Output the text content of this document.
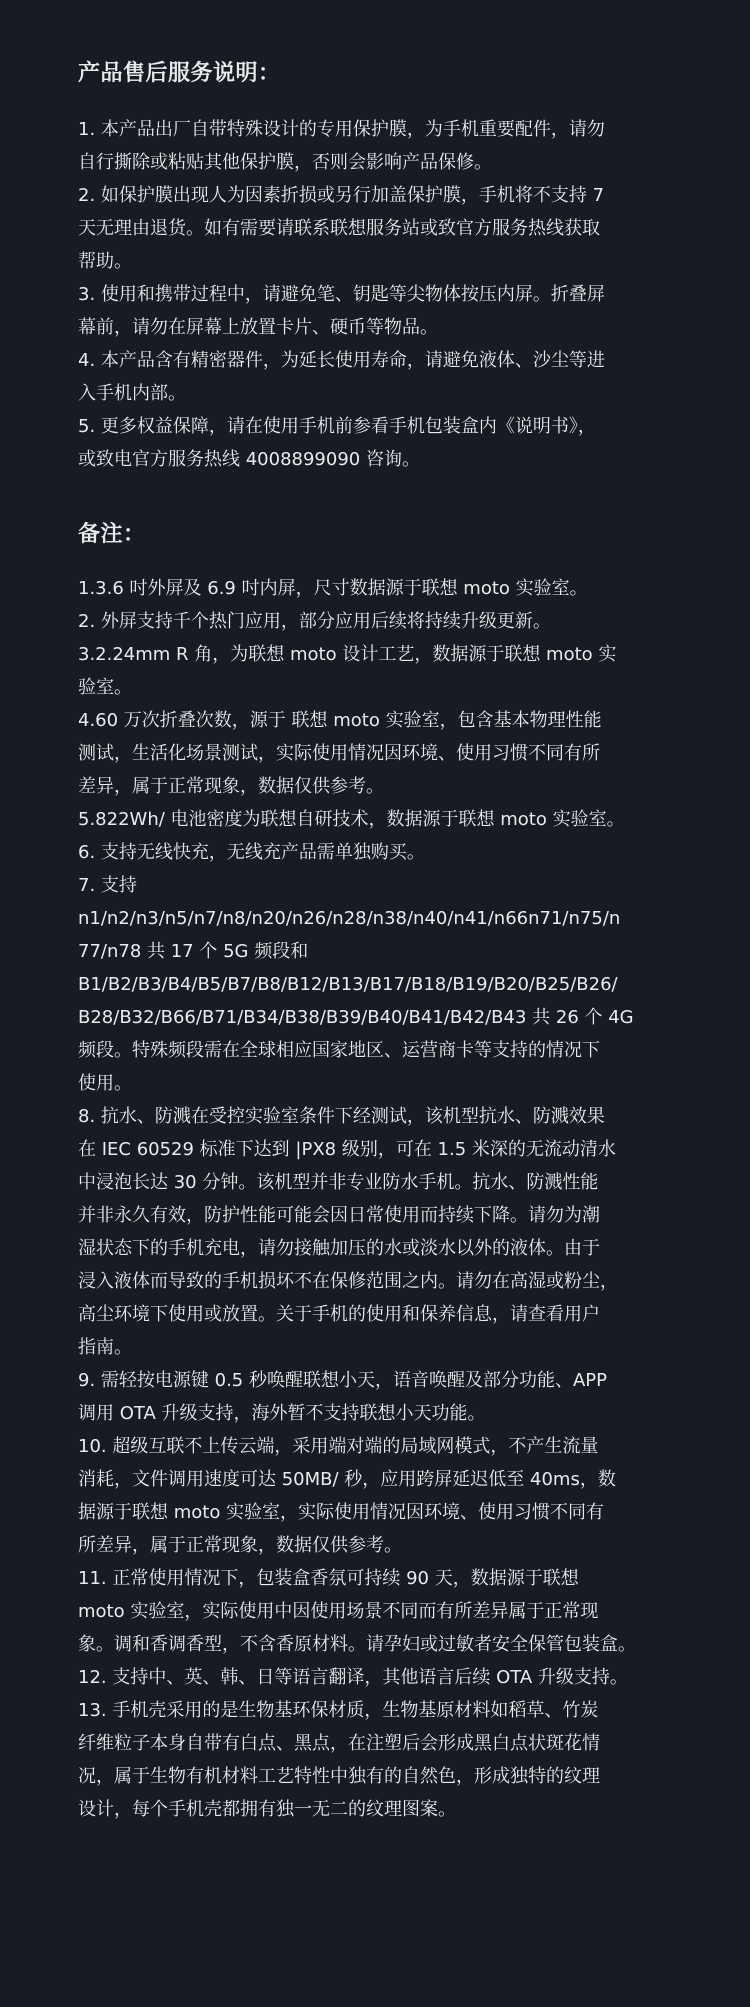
产品售后服务说明：

1. 本产品出厂自带特殊设计的专用保护膜，为手机重要配件，请勿
自行撕除或粘贴其他保护膜，否则会影响产品保修。

2. 如保护膜出现人为因素折损或另行加盖保护膜，手机将不支持 7
天无理由退货。如有需要请联系联想服务站或致官方服务热线获取
帮助。

3. 使用和携带过程中，请避免笔、钥匙等尖物体按压内屏。折叠屏
幕前，请勿在屏幕上放置卡片、硬币等物品。

4. 本产品含有精密器件，为延长使用寿命，请避免液体、沙尘等进
入手机内部。

5. 更多权益保障，请在使用手机前参看手机包装盒内《说明书》，
或致电官方服务热线 4008899090 咨询。

备注：

1.3.6 吋外屏及 6.9 吋内屏，尺寸数据源于联想 moto 实验室。

2. 外屏支持千个热门应用，部分应用后续将持续升级更新。

3.2.24mm R 角，为联想 moto 设计工艺，数据源于联想 moto 实
验室。

4.60 万次折叠次数，源于 联想 moto 实验室，包含基本物理性能
测试，生活化场景测试，实际使用情况因环境、使用习惯不同有所
差异，属于正常现象，数据仅供参考。

5.822Wh/ 电池密度为联想自研技术，数据源于联想 moto 实验室。

6. 支持无线快充，无线充产品需单独购买。

7. 支持
n1/n2/n3/n5/n7/n8/n20/n26/n28/n38/n40/n41/n66n71/n75/n
77/n78 共 17 个 5G 频段和
B1/B2/B3/B4/B5/B7/B8/B12/B13/B17/B18/B19/B20/B25/B26/
B28/B32/B66/B71/B34/B38/B39/B40/B41/B42/B43 共 26 个 4G
频段。特殊频段需在全球相应国家地区、运营商卡等支持的情况下
使用。

8. 抗水、防溅在受控实验室条件下经测试，该机型抗水、防溅效果
在 IEC 60529 标准下达到 |PX8 级别，可在 1.5 米深的无流动清水
中浸泡长达 30 分钟。该机型并非专业防水手机。抗水、防溅性能
并非永久有效，防护性能可能会因日常使用而持续下降。请勿为潮
湿状态下的手机充电，请勿接触加压的水或淡水以外的液体。由于
浸入液体而导致的手机损坏不在保修范围之内。请勿在高湿或粉尘，
高尘环境下使用或放置。关于手机的使用和保养信息，请查看用户
指南。

9. 需轻按电源键 0.5 秒唤醒联想小天，语音唤醒及部分功能、APP
调用 OTA 升级支持，海外暂不支持联想小天功能。

10. 超级互联不上传云端，采用端对端的局域网模式，不产生流量
消耗，文件调用速度可达 50MB/ 秒，应用跨屏延迟低至 40ms，数
据源于联想 moto 实验室，实际使用情况因环境、使用习惯不同有
所差异，属于正常现象，数据仅供参考。

11. 正常使用情况下，包装盒香氛可持续 90 天，数据源于联想
moto 实验室，实际使用中因使用场景不同而有所差异属于正常现
象。调和香调香型，不含香原材料。请孕妇或过敏者安全保管包装盒。

12. 支持中、英、韩、日等语言翻译，其他语言后续 OTA 升级支持。

13. 手机壳采用的是生物基环保材质，生物基原材料如稻草、竹炭
纤维粒子本身自带有白点、黑点，在注塑后会形成黑白点状斑花情
况，属于生物有机材料工艺特性中独有的自然色，形成独特的纹理
设计，每个手机壳都拥有独一无二的纹理图案。
